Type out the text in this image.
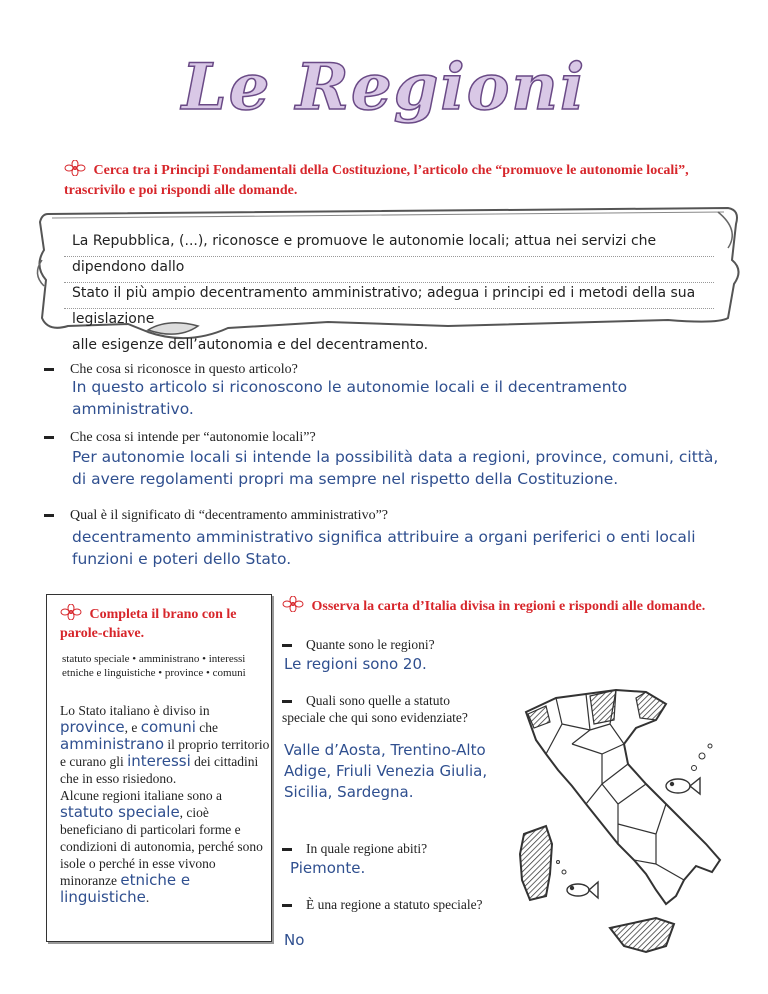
Le Regioni
Cerca tra i Principi Fondamentali della Costituzione, l’articolo che “promuove le autonomie locali”, trascrivilo e poi rispondi alle domande.
La Repubblica, (...), riconosce e promuove le autonomie locali; attua nei servizi che dipendono dallo
Stato il più ampio decentramento amministrativo; adegua i principi ed i metodi della sua legislazione
alle esigenze dell’autonomia e del decentramento.
Che cosa si riconosce in questo articolo?
In questo articolo si riconoscono le autonomie locali e il decentramento amministrativo.
Che cosa si intende per “autonomie locali”?
Per autonomie locali si intende la possibilità data a regioni, province, comuni, città, di avere regolamenti propri ma sempre nel rispetto della Costituzione.
Qual è il significato di “decentramento amministrativo”?
decentramento amministrativo significa attribuire a organi periferici o enti locali funzioni e poteri dello Stato.
Completa il brano con le parole-chiave.
statuto speciale • amministrano • interessi etniche e linguistiche • province • comuni
Lo Stato italiano è diviso in
province, e comuni che
amministrano il proprio territorio e curano gli interessi dei cittadini che in esso risiedono.
Alcune regioni italiane sono a
statuto speciale, cioè beneficiano di particolari forme e condizioni di autonomia, perché sono isole o perché in esse vivono minoranze etniche e linguistiche.
Osserva la carta d’Italia divisa in regioni e rispondi alle domande.
Quante sono le regioni?
Le regioni sono 20.
Quali sono quelle a statuto speciale che qui sono evidenziate?
Valle d’Aosta, Trentino-Alto Adige, Friuli Venezia Giulia, Sicilia, Sardegna.
In quale regione abiti?
Piemonte.
È una regione a statuto speciale?
No
